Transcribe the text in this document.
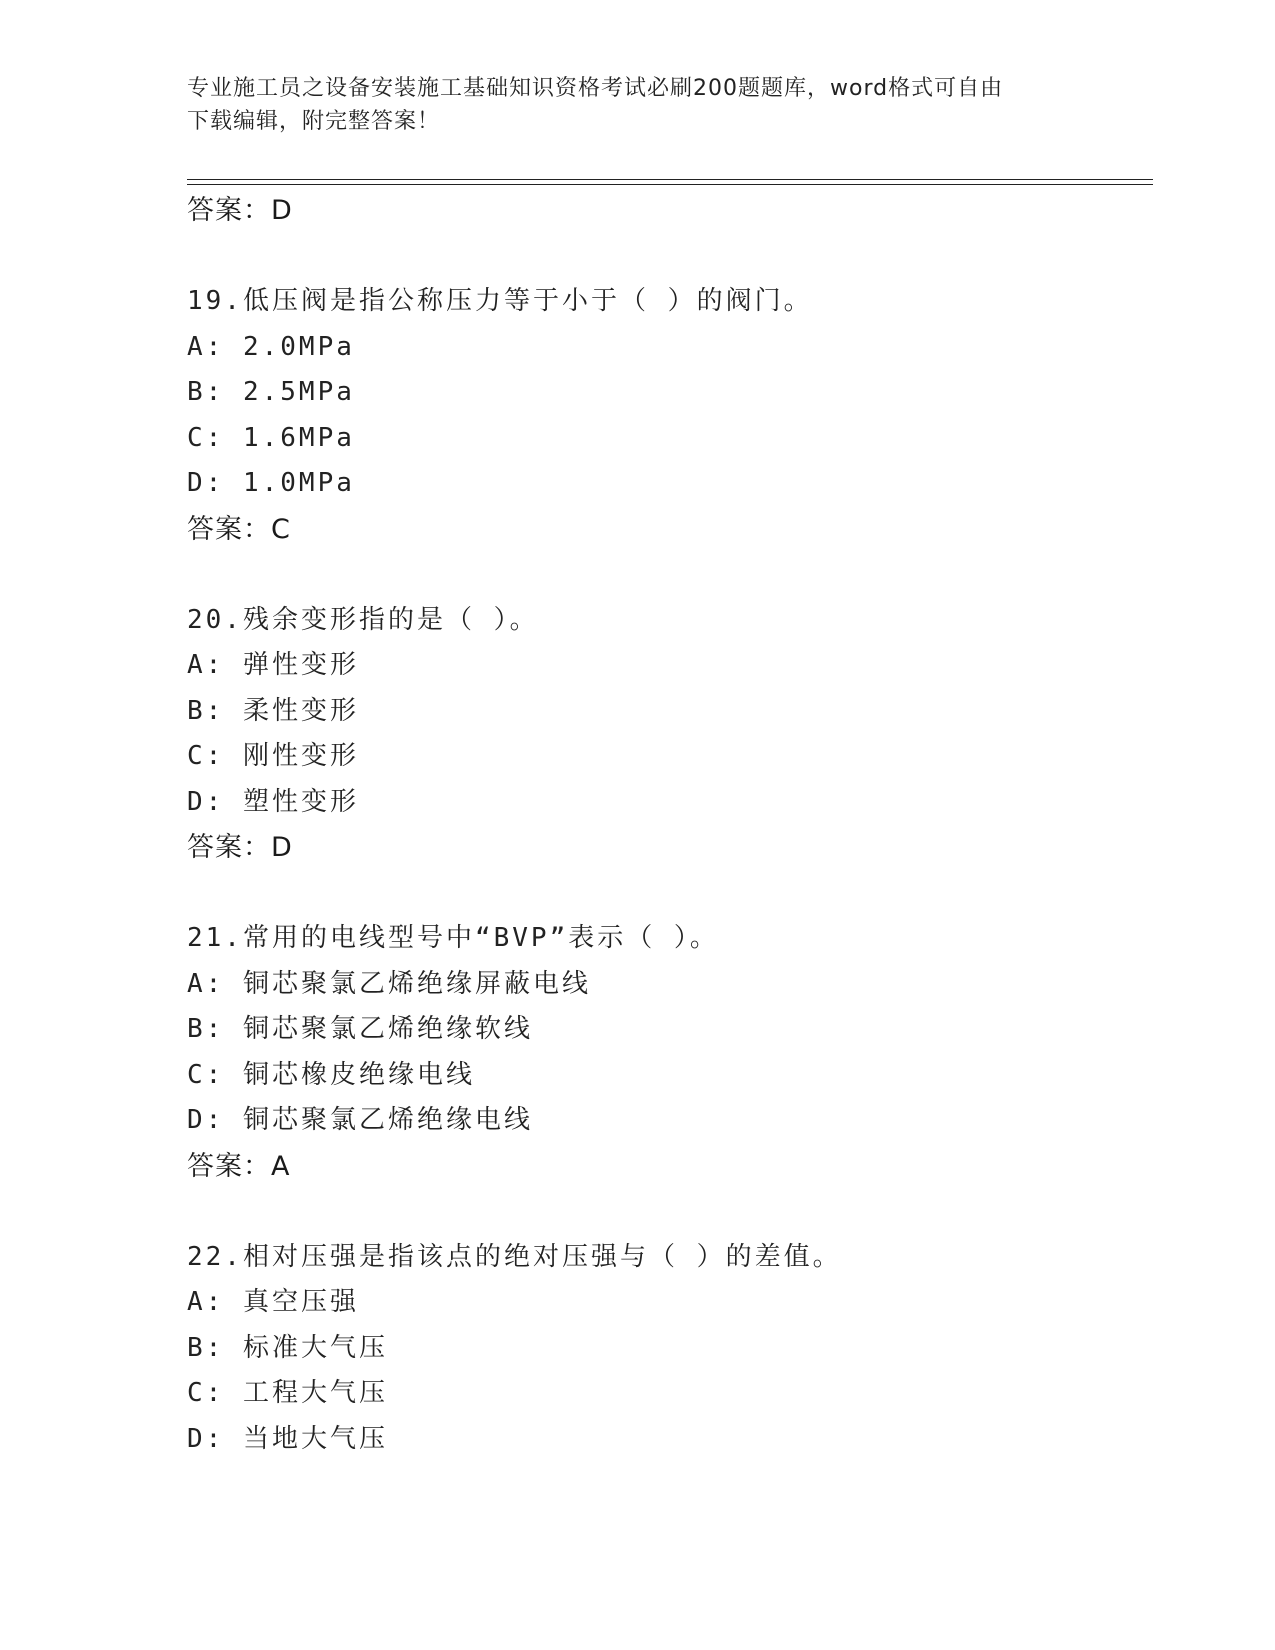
专业施工员之设备安装施工基础知识资格考试必刷200题题库，word格式可自由
下载编辑，附完整答案！
答案：D
19.低压阀是指公称压力等于小于（ ）的阀门。
A: 2.0MPa
B: 2.5MPa
C: 1.6MPa
D: 1.0MPa
答案：C
20.残余变形指的是（ ）。
A: 弹性变形
B: 柔性变形
C: 刚性变形
D: 塑性变形
答案：D
21.常用的电线型号中“BVP”表示（ ）。
A: 铜芯聚氯乙烯绝缘屏蔽电线
B: 铜芯聚氯乙烯绝缘软线
C: 铜芯橡皮绝缘电线
D: 铜芯聚氯乙烯绝缘电线
答案：A
22.相对压强是指该点的绝对压强与（ ）的差值。
A: 真空压强
B: 标准大气压
C: 工程大气压
D: 当地大气压
